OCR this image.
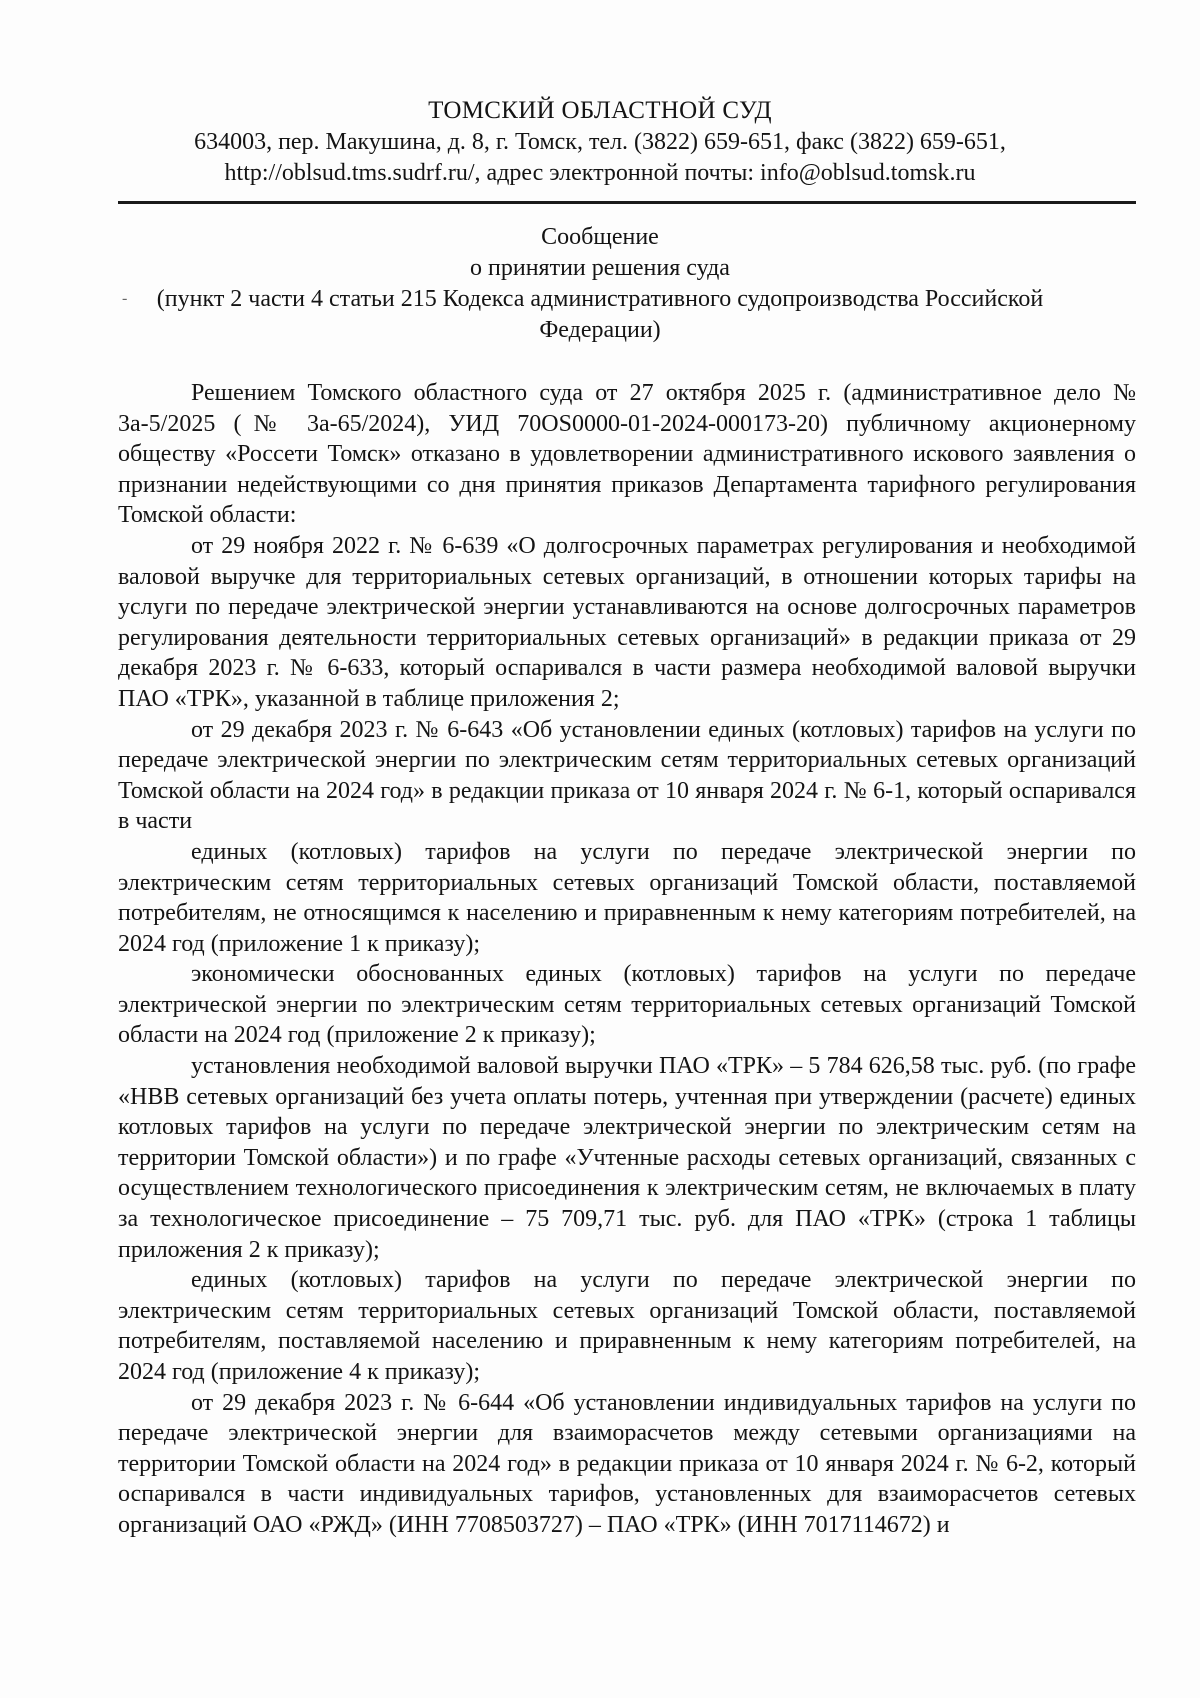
ТОМСКИЙ ОБЛАСТНОЙ СУД
634003, пер. Макушина, д. 8, г. Томск, тел. (3822) 659-651, факс (3822) 659-651,
http://oblsud.tms.sudrf.ru/, адрес электронной почты: info@oblsud.tomsk.ru
Сообщение
о принятии решения суда
(пункт 2 части 4 статьи 215 Кодекса административного судопроизводства Российской Федерации)
-

Решением Томского областного суда от 27 октября 2025 г. (административное дело № 3а-5/2025 (№ 3а-65/2024), УИД 70OS0000-01-2024-000173-20) публичному акционерному обществу «Россети Томск» отказано в удовлетворении административного искового заявления о признании недействующими со дня принятия приказов Департамента тарифного регулирования Томской области:

от 29 ноября 2022 г. № 6-639 «О долгосрочных параметрах регулирования и необходимой валовой выручке для территориальных сетевых организаций, в отношении которых тарифы на услуги по передаче электрической энергии устанавливаются на основе долгосрочных параметров регулирования деятельности территориальных сетевых организаций» в редакции приказа от 29 декабря 2023 г. № 6-633, который оспаривался в части размера необходимой валовой выручки ПАО «ТРК», указанной в таблице приложения 2;

от 29 декабря 2023 г. № 6-643 «Об установлении единых (котловых) тарифов на услуги по передаче электрической энергии по электрическим сетям территориальных сетевых организаций Томской области на 2024 год» в редакции приказа от 10 января 2024 г. № 6-1, который оспаривался в части

единых (котловых) тарифов на услуги по передаче электрической энергии по электрическим сетям территориальных сетевых организаций Томской области, поставляемой потребителям, не относящимся к населению и приравненным к нему категориям потребителей, на 2024 год (приложение 1 к приказу);

экономически обоснованных единых (котловых) тарифов на услуги по передаче электрической энергии по электрическим сетям территориальных сетевых организаций Томской области на 2024 год (приложение 2 к приказу);

установления необходимой валовой выручки ПАО «ТРК» – 5 784 626,58 тыс. руб. (по графе «НВВ сетевых организаций без учета оплаты потерь, учтенная при утверждении (расчете) единых котловых тарифов на услуги по передаче электрической энергии по электрическим сетям на территории Томской области») и по графе «Учтенные расходы сетевых организаций, связанных с осуществлением технологического присоединения к электрическим сетям, не включаемых в плату за технологическое присоединение – 75 709,71 тыс. руб. для ПАО «ТРК» (строка 1 таблицы приложения 2 к приказу);

единых (котловых) тарифов на услуги по передаче электрической энергии по электрическим сетям территориальных сетевых организаций Томской области, поставляемой потребителям, поставляемой населению и приравненным к нему категориям потребителей, на 2024 год (приложение 4 к приказу);

от 29 декабря 2023 г. № 6-644 «Об установлении индивидуальных тарифов на услуги по передаче электрической энергии для взаиморасчетов между сетевыми организациями на территории Томской области на 2024 год» в редакции приказа от 10 января 2024 г. № 6-2, который оспаривался в части индивидуальных тарифов, установленных для взаиморасчетов сетевых организаций ОАО «РЖД» (ИНН 7708503727) – ПАО «ТРК» (ИНН 7017114672) и
